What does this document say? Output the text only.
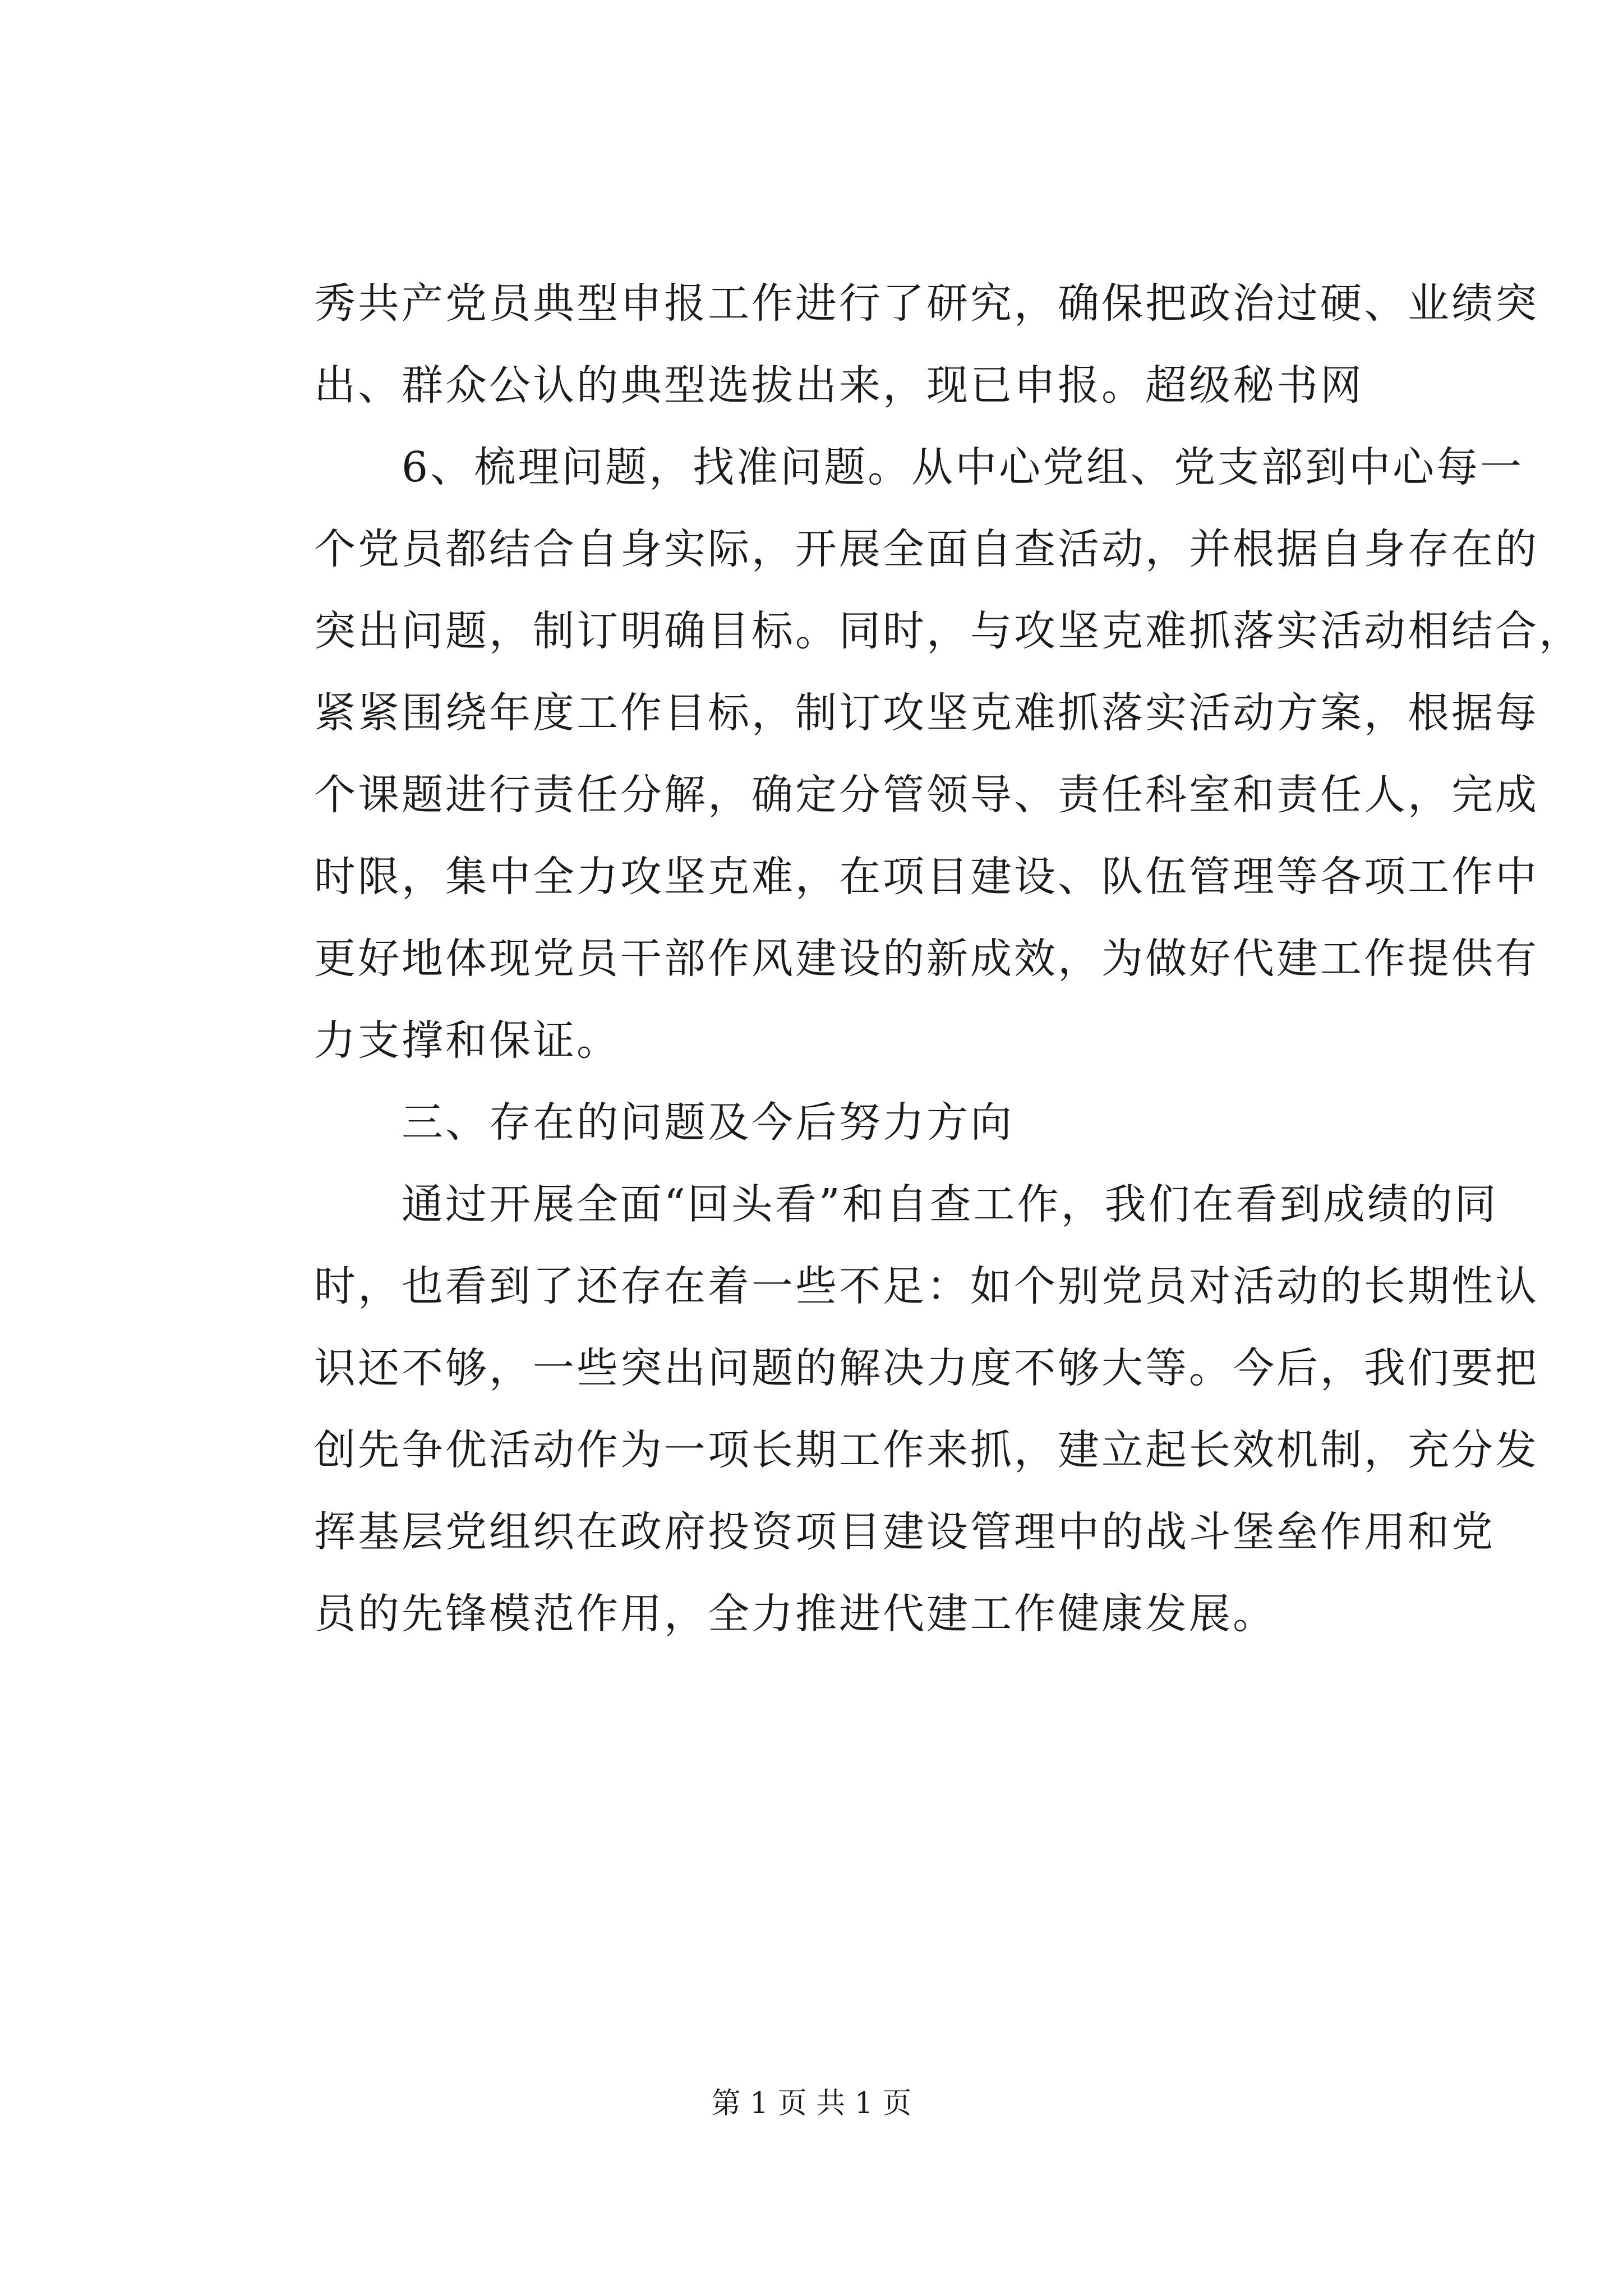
秀共产党员典型申报工作进行了研究，确保把政治过硬、业绩突
出、群众公认的典型选拔出来，现已申报。超级秘书网
　　6、梳理问题，找准问题。从中心党组、党支部到中心每一
个党员都结合自身实际，开展全面自查活动，并根据自身存在的
突出问题，制订明确目标。同时，与攻坚克难抓落实活动相结合，
紧紧围绕年度工作目标，制订攻坚克难抓落实活动方案，根据每
个课题进行责任分解，确定分管领导、责任科室和责任人，完成
时限，集中全力攻坚克难，在项目建设、队伍管理等各项工作中
更好地体现党员干部作风建设的新成效，为做好代建工作提供有
力支撑和保证。
　　三、存在的问题及今后努力方向
　　通过开展全面“回头看”和自查工作，我们在看到成绩的同
时，也看到了还存在着一些不足：如个别党员对活动的长期性认
识还不够，一些突出问题的解决力度不够大等。今后，我们要把
创先争优活动作为一项长期工作来抓，建立起长效机制，充分发
挥基层党组织在政府投资项目建设管理中的战斗堡垒作用和党
员的先锋模范作用，全力推进代建工作健康发展。
第 1 页 共 1 页
